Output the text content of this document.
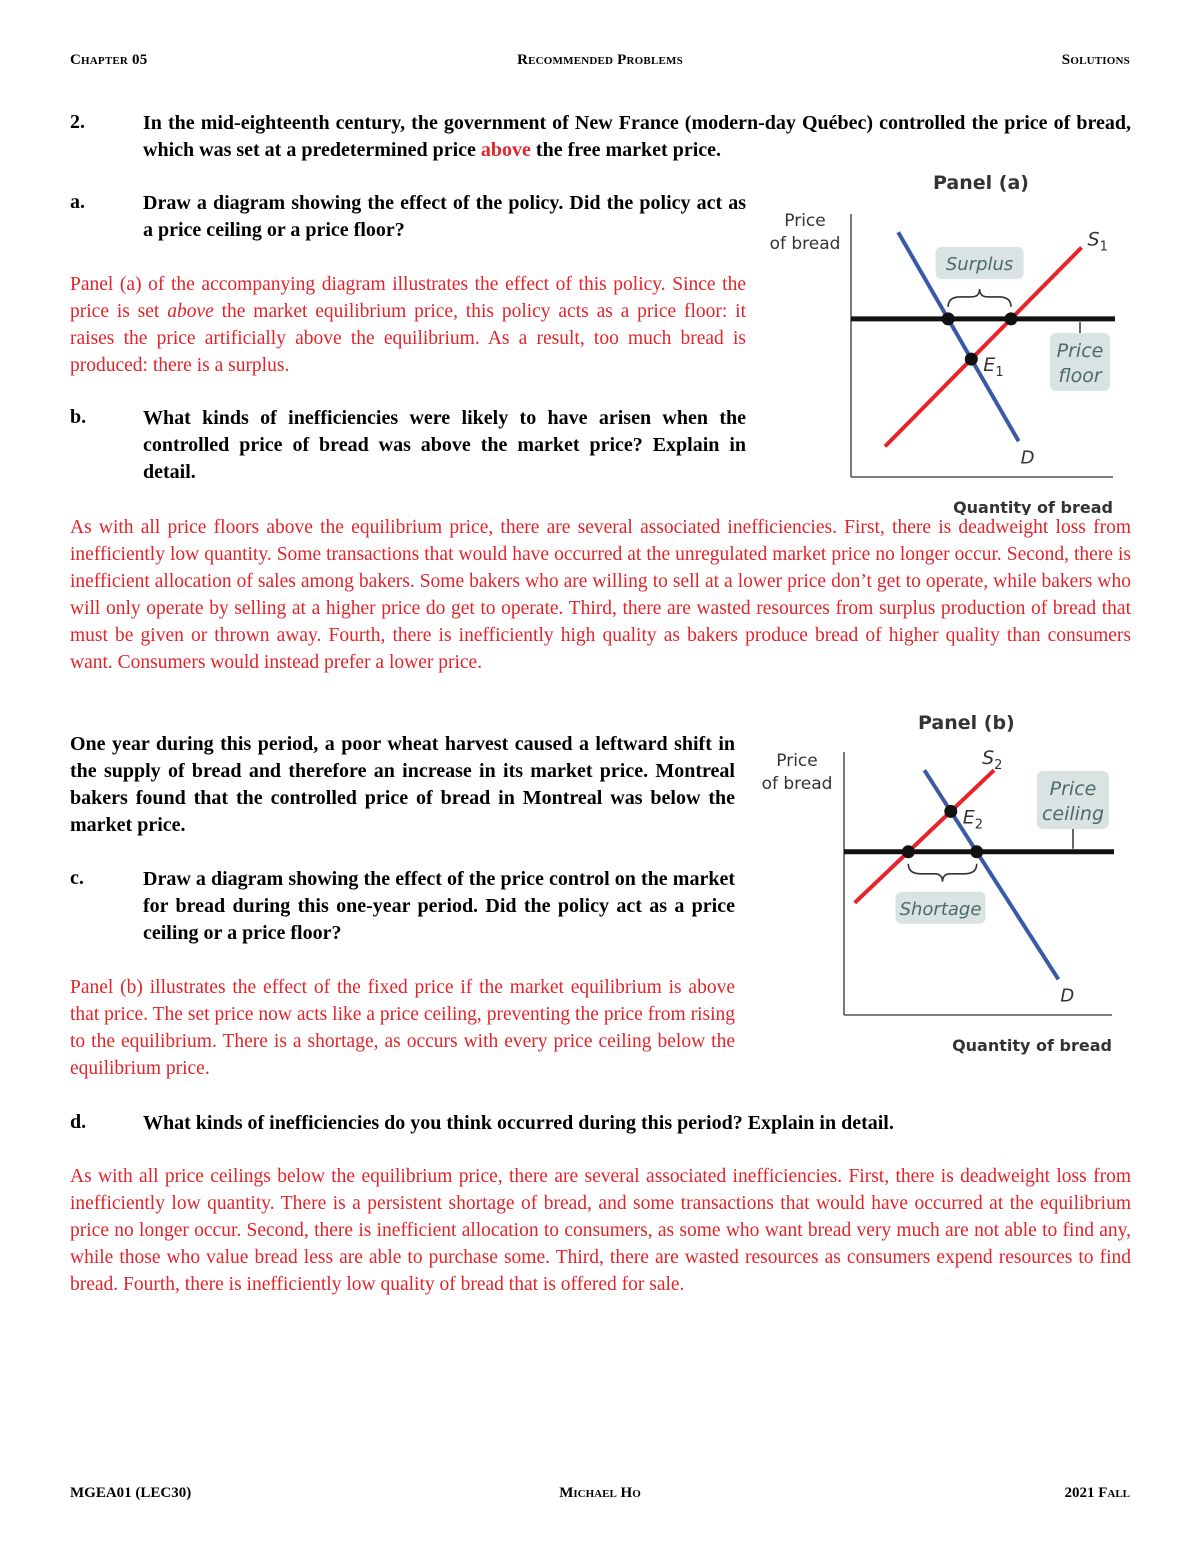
Chapter 05	Recommended Problems	Solutions
2.	In the mid-eighteenth century, the government of New France (modern-day Québec) controlled the price of bread, which was set at a predetermined price above the free market price.
a.	Draw a diagram showing the effect of the policy. Did the policy act as a price ceiling or a price floor?
Panel (a) of the accompanying diagram illustrates the effect of this policy. Since the price is set above the market equilibrium price, this policy acts as a price floor: it raises the price artificially above the equilibrium. As a result, too much bread is produced: there is a surplus.
b.	What kinds of inefficiencies were likely to have arisen when the controlled price of bread was above the market price? Explain in detail.
As with all price floors above the equilibrium price, there are several associated inefficiencies. First, there is deadweight loss from inefficiently low quantity. Some transactions that would have occurred at the unregulated market price no longer occur. Second, there is inefficient allocation of sales among bakers. Some bakers who are willing to sell at a lower price don’t get to operate, while bakers who will only operate by selling at a higher price do get to operate. Third, there are wasted resources from surplus production of bread that must be given or thrown away. Fourth, there is inefficiently high quality as bakers produce bread of higher quality than consumers want. Consumers would instead prefer a lower price.
One year during this period, a poor wheat harvest caused a leftward shift in the supply of bread and therefore an increase in its market price. Montreal bakers found that the controlled price of bread in Montreal was below the market price.
c.	Draw a diagram showing the effect of the price control on the market for bread during this one-year period. Did the policy act as a price ceiling or a price floor?
Panel (b) illustrates the effect of the fixed price if the market equilibrium is above that price. The set price now acts like a price ceiling, preventing the price from rising to the equilibrium. There is a shortage, as occurs with every price ceiling below the equilibrium price.
d.	What kinds of inefficiencies do you think occurred during this period? Explain in detail.
As with all price ceilings below the equilibrium price, there are several associated inefficiencies. First, there is deadweight loss from inefficiently low quantity. There is a persistent shortage of bread, and some transactions that would have occurred at the equilibrium price no longer occur. Second, there is inefficient allocation to consumers, as some who want bread very much are not able to find any, while those who value bread less are able to purchase some. Third, there are wasted resources as consumers expend resources to find bread. Fourth, there is inefficiently low quality of bread that is offered for sale.
Panel (a)
Price
of bread
Quantity of bread
$S_1$
D
$E_1$
Surplus
Price
floor
Panel (b)
Price
of bread
Quantity of bread
$S_2$
D
$E_2$
Shortage
Price
ceiling
MGEA01 (LEC30)	Michael Ho	2021 Fall
